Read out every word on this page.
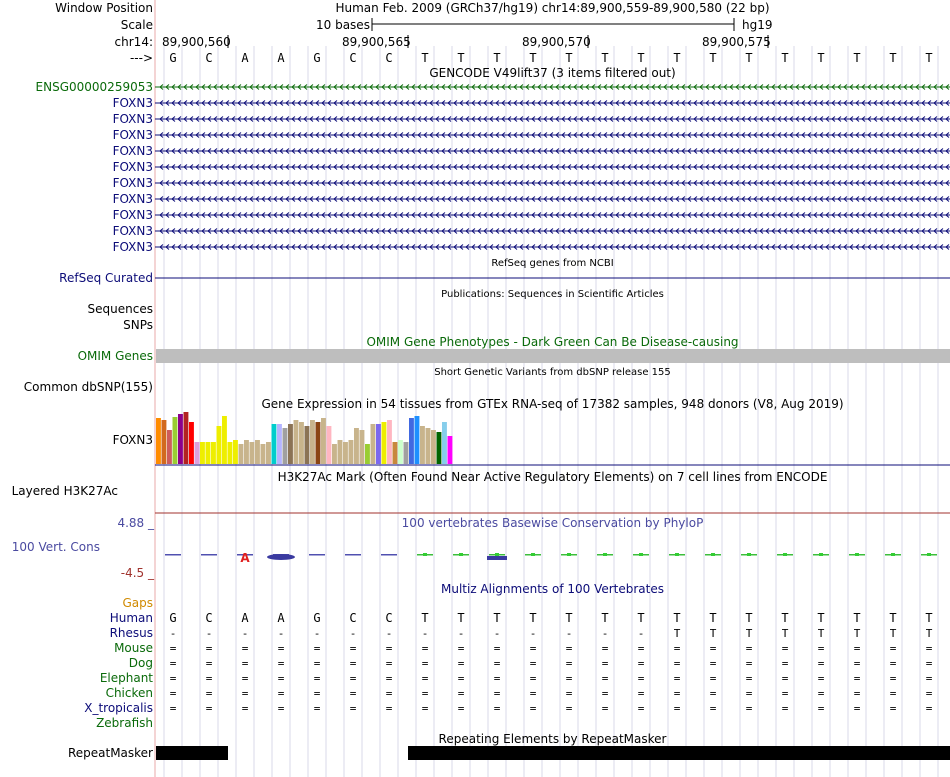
A
Window Position
Scale
chr14:
--->
Human Feb. 2009 (GRCh37/hg19) chr14:89,900,559-89,900,580 (22 bp)
10 bases	hg19
89,900,560	89,900,565	89,900,570	89,900,575
G	C	A	A	G	C	C	T	T	T	T	T	T	T	T	T	T	T	T	T	T	T
GENCODE V49lift37 (3 items filtered out)
ENSG00000259053
FOXN3
FOXN3
FOXN3
FOXN3
FOXN3
FOXN3
FOXN3
FOXN3
FOXN3
FOXN3
RefSeq genes from NCBI
RefSeq Curated
Publications: Sequences in Scientific Articles
Sequences
SNPs
OMIM Gene Phenotypes - Dark Green Can Be Disease-causing
OMIM Genes
Short Genetic Variants from dbSNP release 155
Common dbSNP(155)
Gene Expression in 54 tissues from GTEx RNA-seq of 17382 samples, 948 donors (V8, Aug 2019)
FOXN3
H3K27Ac Mark (Often Found Near Active Regulatory Elements) on 7 cell lines from ENCODE
Layered H3K27Ac
100 vertebrates Basewise Conservation by PhyloP
100 Vert. Cons
4.88 _
-4.5 _
Multiz Alignments of 100 Vertebrates
Gaps
Human	G	C	A	A	G	C	C	T	T	T	T	T	T	T	T	T	T	T	T	T	T	T
Rhesus	-	-	-	-	-	-	-	-	-	-	-	-	-	-	T	T	T	T	T	T	T	T
Mouse	=	=	=	=	=	=	=	=	=	=	=	=	=	=	=	=	=	=	=	=	=	=
Dog	=	=	=	=	=	=	=	=	=	=	=	=	=	=	=	=	=	=	=	=	=	=
Elephant	=	=	=	=	=	=	=	=	=	=	=	=	=	=	=	=	=	=	=	=	=	=
Chicken	=	=	=	=	=	=	=	=	=	=	=	=	=	=	=	=	=	=	=	=	=	=
X_tropicalis	=	=	=	=	=	=	=	=	=	=	=	=	=	=	=	=	=	=	=	=	=	=
Zebrafish
Repeating Elements by RepeatMasker
RepeatMasker
